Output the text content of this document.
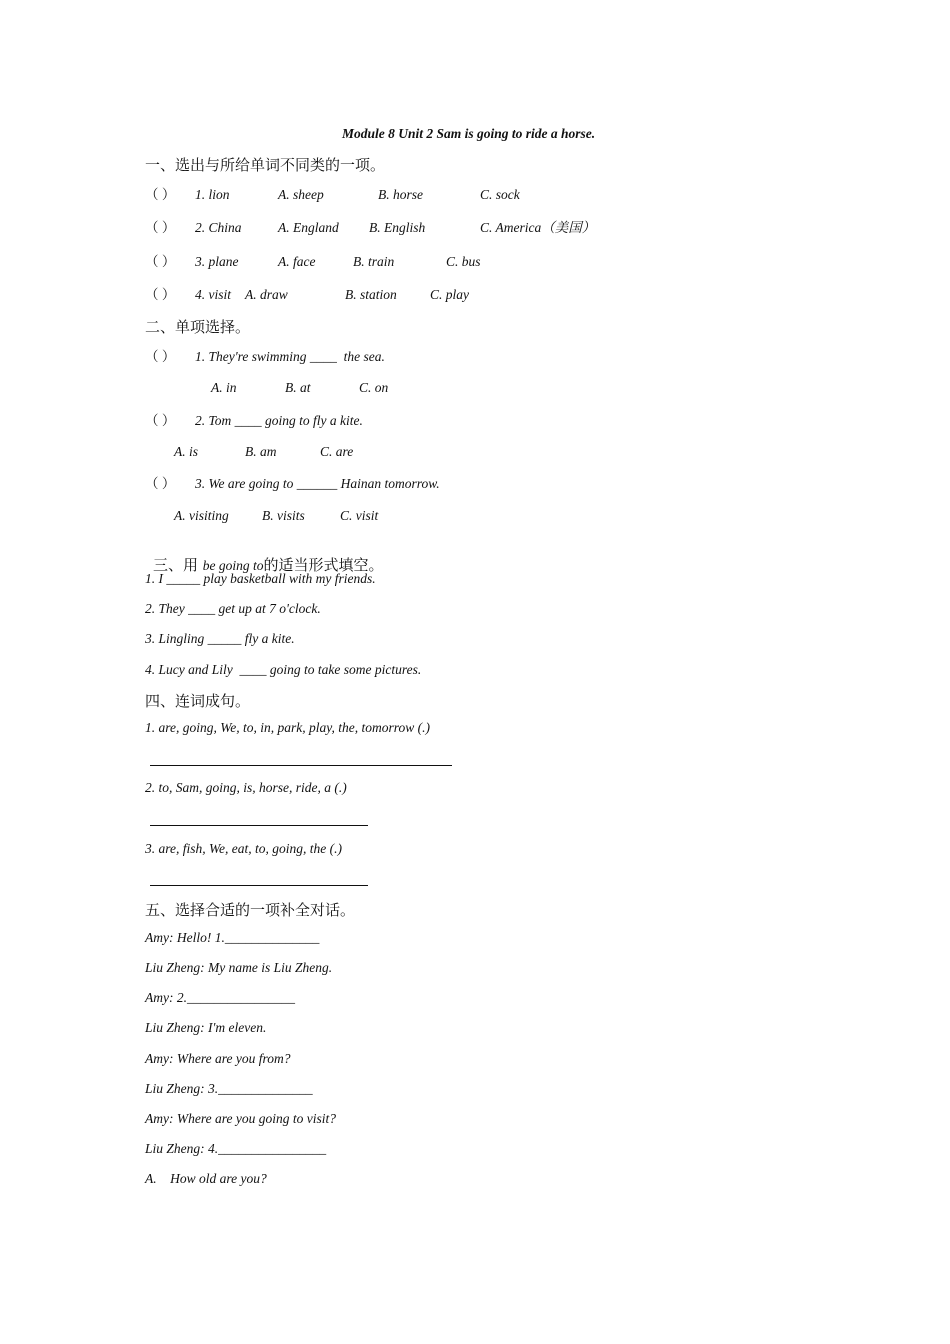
Module 8 Unit 2 Sam is going to ride a horse.
一、选出与所给单词不同类的一项。
（ ） 1. lion	A. sheep	B. horse	C. sock
（ ） 2. China	A. England B. English	C. America（美国）
（ ） 3. plane	A. face	B. train	C. bus
（ ） 4. visit A. draw	B. station C. play
二、单项选择。
（ ） 1. They're swimming ____  the sea.
A. in	B. at	C. on
（ ） 2. Tom ____ going to fly a kite.
A. is	B. am	C. are
（ ） 3. We are going to ______ Hainan tomorrow.
A. visiting B. visits	C. visit

三、用 be going to的适当形式填空。

1. I _____ play basketball with my friends.
2. They ____ get up at 7 o'clock.
3. Lingling _____ fly a kite.
4. Lucy and Lily  ____ going to take some pictures.
四、连词成句。
1. are, going, We, to, in, park, play, the, tomorrow (.)
2. to, Sam, going, is, horse, ride, a (.)
3. are, fish, We, eat, to, going, the (.)
五、选择合适的一项补全对话。
Amy: Hello! 1.______________
Liu Zheng: My name is Liu Zheng.
Amy: 2.________________
Liu Zheng: I'm eleven.
Amy: Where are you from?
Liu Zheng: 3.______________
Amy: Where are you going to visit?
Liu Zheng: 4.________________
A.    How old are you?
